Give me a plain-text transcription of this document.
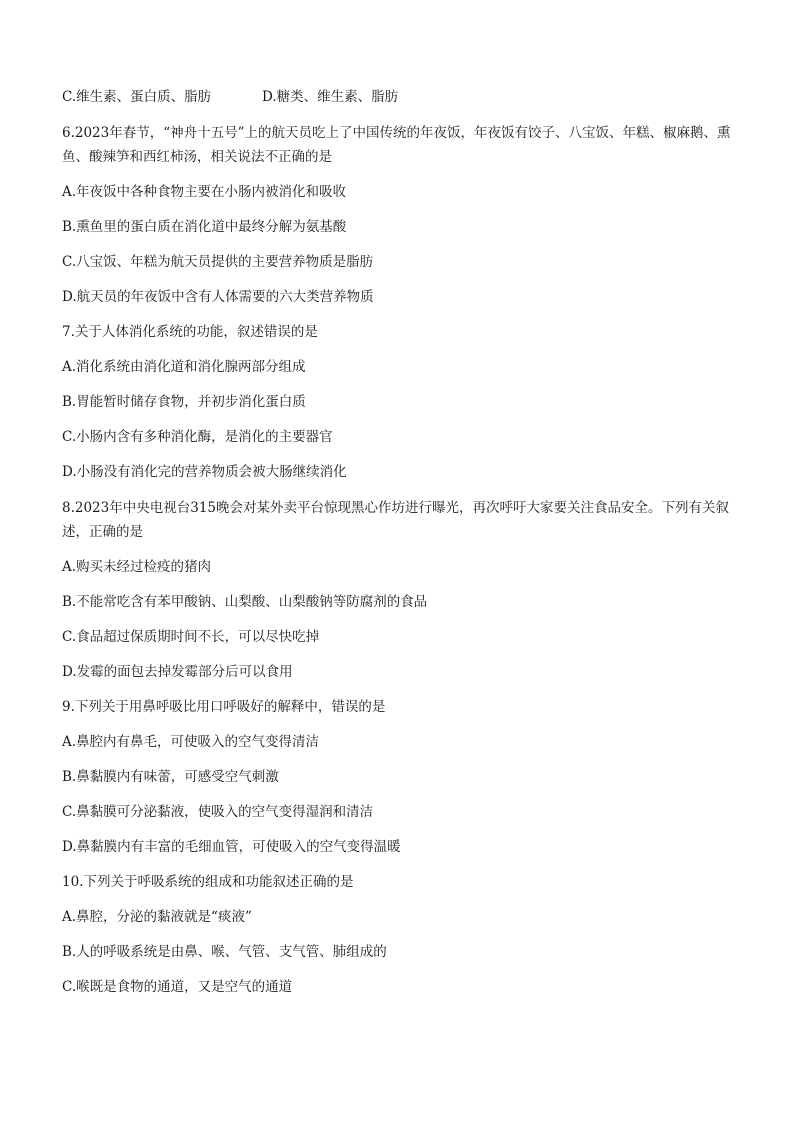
C.维生素、蛋白质、脂肪	D.糖类、维生素、脂肪
6.2023年春节，“神舟十五号”上的航天员吃上了中国传统的年夜饭，年夜饭有饺子、八宝饭、年糕、椒麻鹅、熏鱼、酸辣笋和西红柿汤，相关说法不正确的是
A.年夜饭中各种食物主要在小肠内被消化和吸收
B.熏鱼里的蛋白质在消化道中最终分解为氨基酸
C.八宝饭、年糕为航天员提供的主要营养物质是脂肪
D.航天员的年夜饭中含有人体需要的六大类营养物质
7.关于人体消化系统的功能，叙述错误的是
A.消化系统由消化道和消化腺两部分组成
B.胃能暂时储存食物，并初步消化蛋白质
C.小肠内含有多种消化酶，是消化的主要器官
D.小肠没有消化完的营养物质会被大肠继续消化
8.2023年中央电视台315晚会对某外卖平台惊现黑心作坊进行曝光，再次呼吁大家要关注食品安全。下列有关叙述，正确的是
A.购买未经过检疫的猪肉
B.不能常吃含有苯甲酸钠、山梨酸、山梨酸钠等防腐剂的食品
C.食品超过保质期时间不长，可以尽快吃掉
D.发霉的面包去掉发霉部分后可以食用
9.下列关于用鼻呼吸比用口呼吸好的解释中，错误的是
A.鼻腔内有鼻毛，可使吸入的空气变得清洁
B.鼻黏膜内有味蕾，可感受空气刺激
C.鼻黏膜可分泌黏液，使吸入的空气变得湿润和清洁
D.鼻黏膜内有丰富的毛细血管，可使吸入的空气变得温暖
10.下列关于呼吸系统的组成和功能叙述正确的是
A.鼻腔，分泌的黏液就是“痰液”
B.人的呼吸系统是由鼻、喉、气管、支气管、肺组成的
C.喉既是食物的通道，又是空气的通道
